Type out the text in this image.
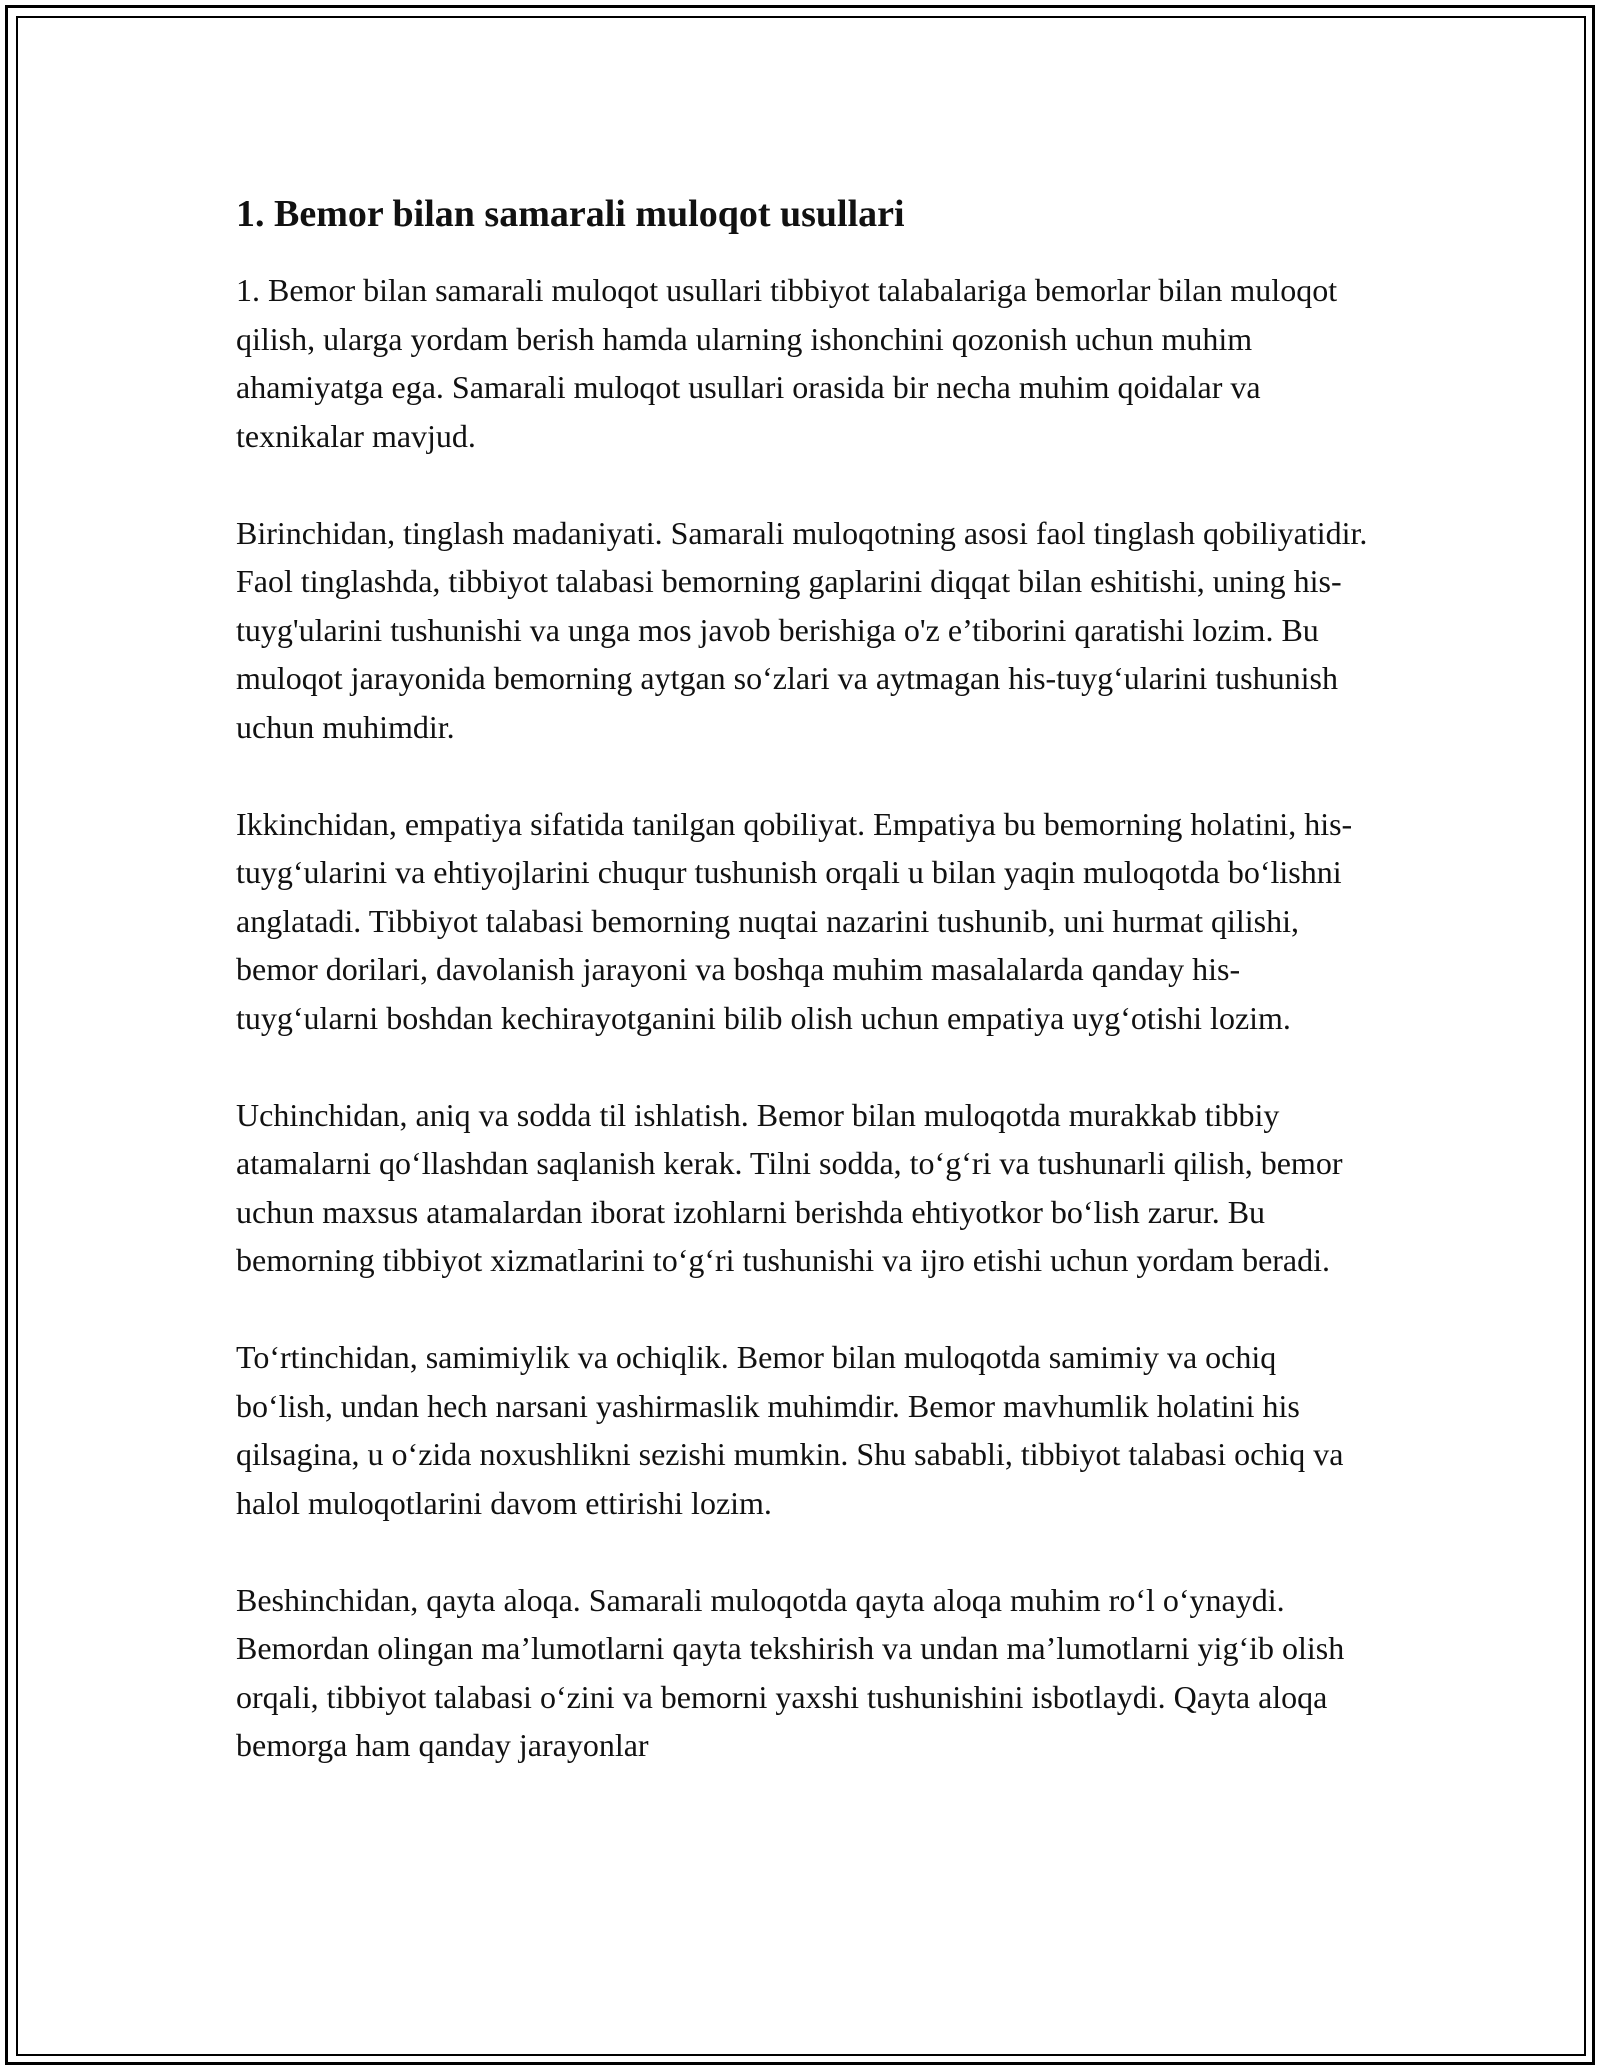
1. Bemor bilan samarali muloqot usullari

1. Bemor bilan samarali muloqot usullari tibbiyot talabalariga bemorlar bilan muloqot qilish, ularga yordam berish hamda ularning ishonchini qozonish uchun muhim ahamiyatga ega. Samarali muloqot usullari orasida bir necha muhim qoidalar va texnikalar mavjud.

Birinchidan, tinglash madaniyati. Samarali muloqotning asosi faol tinglash qobiliyatidir. Faol tinglashda, tibbiyot talabasi bemorning gaplarini diqqat bilan eshitishi, uning his-tuyg'ularini tushunishi va unga mos javob berishiga o'z e’tiborini qaratishi lozim. Bu muloqot jarayonida bemorning aytgan so‘zlari va aytmagan his-tuyg‘ularini tushunish uchun muhimdir.

Ikkinchidan, empatiya sifatida tanilgan qobiliyat. Empatiya bu bemorning holatini, his-tuyg‘ularini va ehtiyojlarini chuqur tushunish orqali u bilan yaqin muloqotda bo‘lishni anglatadi. Tibbiyot talabasi bemorning nuqtai nazarini tushunib, uni hurmat qilishi, bemor dorilari, davolanish jarayoni va boshqa muhim masalalarda qanday his-tuyg‘ularni boshdan kechirayotganini bilib olish uchun empatiya uyg‘otishi lozim.

Uchinchidan, aniq va sodda til ishlatish. Bemor bilan muloqotda murakkab tibbiy atamalarni qo‘llashdan saqlanish kerak. Tilni sodda, to‘g‘ri va tushunarli qilish, bemor uchun maxsus atamalardan iborat izohlarni berishda ehtiyotkor bo‘lish zarur. Bu bemorning tibbiyot xizmatlarini to‘g‘ri tushunishi va ijro etishi uchun yordam beradi.

To‘rtinchidan, samimiylik va ochiqlik. Bemor bilan muloqotda samimiy va ochiq bo‘lish, undan hech narsani yashirmaslik muhimdir. Bemor mavhumlik holatini his qilsagina, u o‘zida noxushlikni sezishi mumkin. Shu sababli, tibbiyot talabasi ochiq va halol muloqotlarini davom ettirishi lozim.

Beshinchidan, qayta aloqa. Samarali muloqotda qayta aloqa muhim ro‘l o‘ynaydi. Bemordan olingan ma’lumotlarni qayta tekshirish va undan ma’lumotlarni yig‘ib olish orqali, tibbiyot talabasi o‘zini va bemorni yaxshi tushunishini isbotlaydi. Qayta aloqa bemorga ham qanday jarayonlar
